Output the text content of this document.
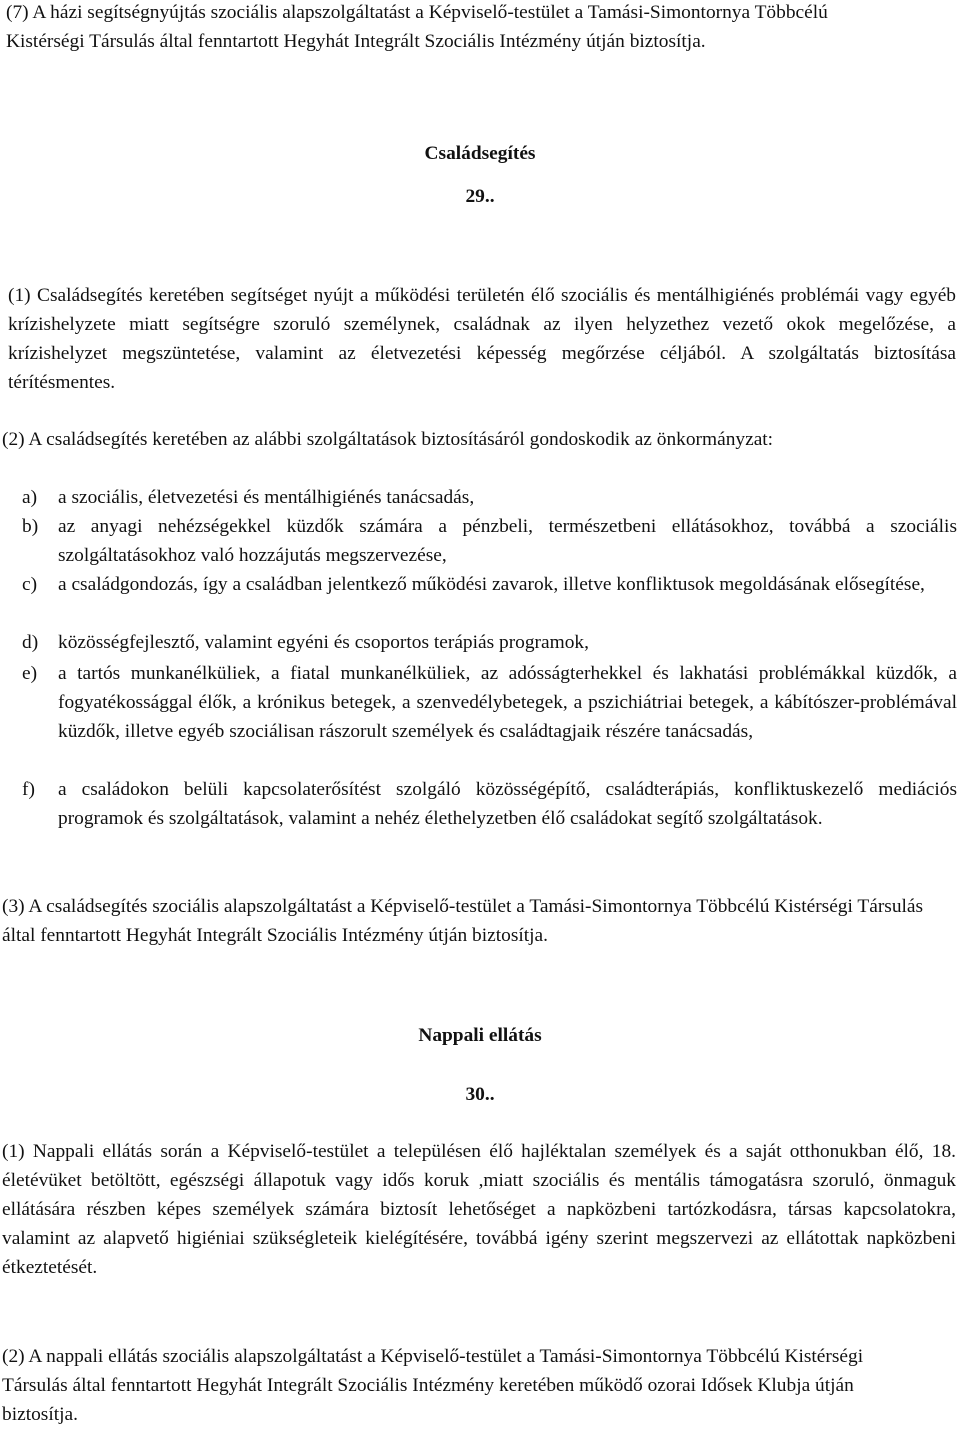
(7) A házi segítségnyújtás szociális alapszolgáltatást a Képviselő-testület a Tamási-Simontornya Többcélú Kistérségi Társulás által fenntartott Hegyhát Integrált Szociális Intézmény útján biztosítja.

Családsegítés

29..

(1) Családsegítés keretében segítséget nyújt a működési területén élő szociális és mentálhigiénés problémái vagy egyéb krízishelyzete miatt segítségre szoruló személynek, családnak az ilyen helyzethez vezető okok megelőzése, a krízishelyzet megszüntetése, valamint az életvezetési képesség megőrzése céljából. A szolgáltatás biztosítása térítésmentes.

(2) A családsegítés keretében az alábbi szolgáltatások biztosításáról gondoskodik az önkormányzat:

a)	a szociális, életvezetési és mentálhigiénés tanácsadás,
b)	az anyagi nehézségekkel küzdők számára a pénzbeli, természetbeni ellátásokhoz, továbbá a szociális szolgáltatásokhoz való hozzájutás megszervezése,
c)	a családgondozás, így a családban jelentkező működési zavarok, illetve konfliktusok megoldásának elősegítése,
d)	közösségfejlesztő, valamint egyéni és csoportos terápiás programok,
e)	a tartós munkanélküliek, a fiatal munkanélküliek, az adósságterhekkel és lakhatási problémákkal küzdők, a fogyatékossággal élők, a krónikus betegek, a szenvedélybetegek, a pszichiátriai betegek, a kábítószer-problémával küzdők, illetve egyéb szociálisan rászorult személyek és családtagjaik részére tanácsadás,
f)	a családokon belüli kapcsolaterősítést szolgáló közösségépítő, családterápiás, konfliktuskezelő mediációs programok és szolgáltatások, valamint a nehéz élethelyzetben élő családokat segítő szolgáltatások.

(3) A családsegítés szociális alapszolgáltatást a Képviselő-testület a Tamási-Simontornya Többcélú Kistérségi Társulás által fenntartott Hegyhát Integrált Szociális Intézmény útján biztosítja.

Nappali ellátás

30..

(1) Nappali ellátás során a Képviselő-testület a településen élő hajléktalan személyek és a saját otthonukban élő, 18. életévüket betöltött, egészségi állapotuk vagy idős koruk ,miatt szociális és mentális támogatásra szoruló, önmaguk ellátására részben képes személyek számára biztosít lehetőséget a napközbeni tartózkodásra, társas kapcsolatokra, valamint az alapvető higiéniai szükségleteik kielégítésére, továbbá igény szerint megszervezi az ellátottak napközbeni étkeztetését.

(2) A nappali ellátás szociális alapszolgáltatást a Képviselő-testület a Tamási-Simontornya Többcélú Kistérségi Társulás által fenntartott Hegyhát Integrált Szociális Intézmény keretében működő ozorai Idősek Klubja útján biztosítja.
